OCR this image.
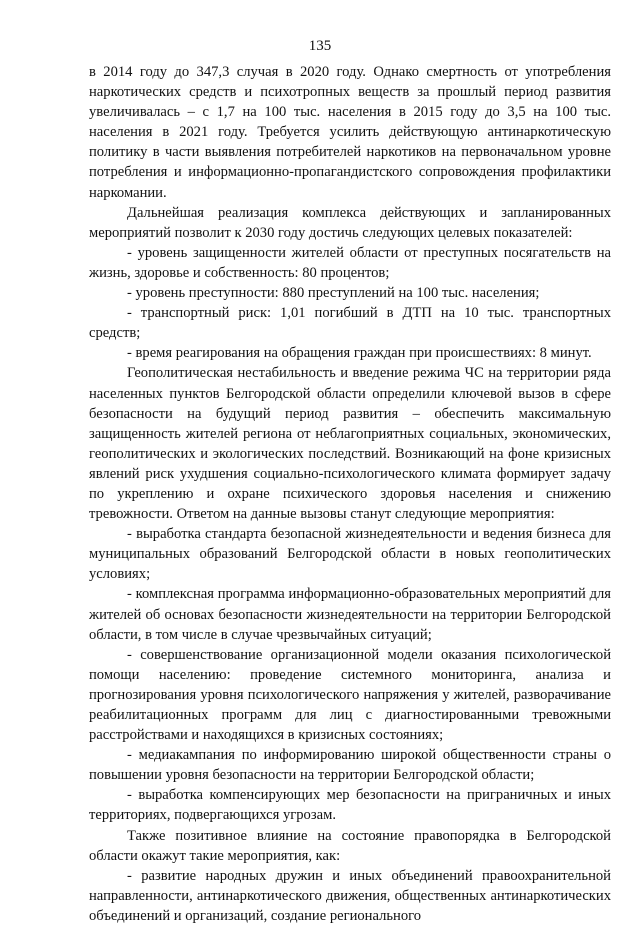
135

в 2014 году до 347,3 случая в 2020 году. Однако смертность от употребления наркотических средств и психотропных веществ за прошлый период развития увеличивалась – с 1,7 на 100 тыс. населения в 2015 году до 3,5 на 100 тыс. населения в 2021 году. Требуется усилить действующую антинаркотическую политику в части выявления потребителей наркотиков на первоначальном уровне потребления и информационно-пропагандистского сопровождения профилактики наркомании.

Дальнейшая реализация комплекса действующих и запланированных мероприятий позволит к 2030 году достичь следующих целевых показателей:

- уровень защищенности жителей области от преступных посягательств на жизнь, здоровье и собственность: 80 процентов;

- уровень преступности: 880 преступлений на 100 тыс. населения;

- транспортный риск: 1,01 погибший в ДТП на 10 тыс. транспортных средств;

- время реагирования на обращения граждан при происшествиях: 8 минут.

Геополитическая нестабильность и введение режима ЧС на территории ряда населенных пунктов Белгородской области определили ключевой вызов в сфере безопасности на будущий период развития – обеспечить максимальную защищенность жителей региона от неблагоприятных социальных, экономических, геополитических и экологических последствий. Возникающий на фоне кризисных явлений риск ухудшения социально-психологического климата формирует задачу по укреплению и охране психического здоровья населения и снижению тревожности. Ответом на данные вызовы станут следующие мероприятия:

- выработка стандарта безопасной жизнедеятельности и ведения бизнеса для муниципальных образований Белгородской области в новых геополитических условиях;

- комплексная программа информационно-образовательных мероприятий для жителей об основах безопасности жизнедеятельности на территории Белгородской области, в том числе в случае чрезвычайных ситуаций;

- совершенствование организационной модели оказания психологической помощи населению: проведение системного мониторинга, анализа и прогнозирования уровня психологического напряжения у жителей, разворачивание реабилитационных программ для лиц с диагностированными тревожными расстройствами и находящихся в кризисных состояниях;

- медиакампания по информированию широкой общественности страны о повышении уровня безопасности на территории Белгородской области;

- выработка компенсирующих мер безопасности на приграничных и иных территориях, подвергающихся угрозам.

Также позитивное влияние на состояние правопорядка в Белгородской области окажут такие мероприятия, как:

- развитие народных дружин и иных объединений правоохранительной направленности, антинаркотического движения, общественных антинаркотических объединений и организаций, создание регионального
